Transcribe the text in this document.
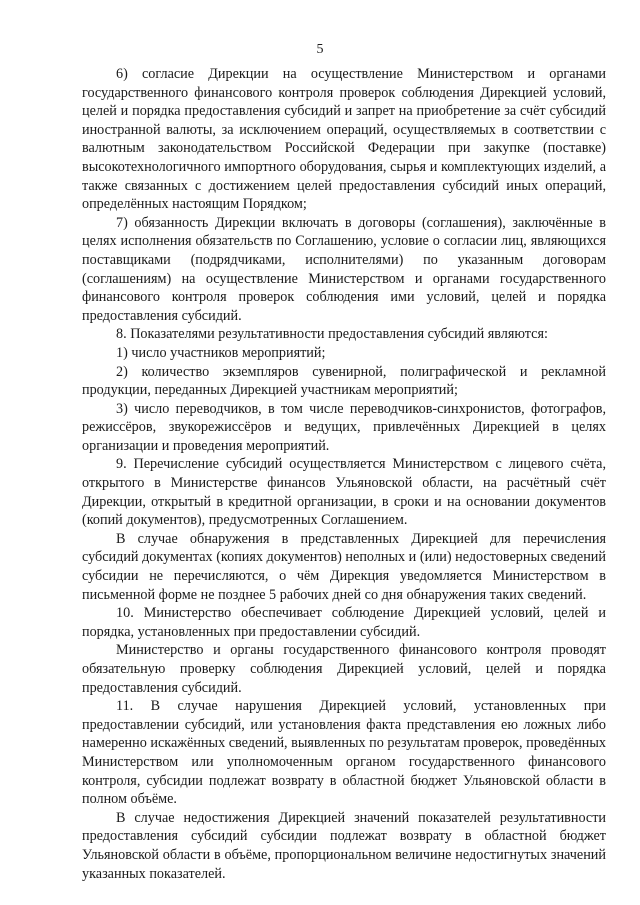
5

6) согласие Дирекции на осуществление Министерством и органами государственного финансового контроля проверок соблюдения Дирекцией условий, целей и порядка предоставления субсидий и запрет на приобретение за счёт субсидий иностранной валюты, за исключением операций, осуществляемых в соответствии с валютным законодательством Российской Федерации при закупке (поставке) высокотехнологичного импортного оборудования, сырья и комплектующих изделий, а также связанных с достижением целей предоставления субсидий иных операций, определённых настоящим Порядком;

7) обязанность Дирекции включать в договоры (соглашения), заключённые в целях исполнения обязательств по Соглашению, условие о согласии лиц, являющихся поставщиками (подрядчиками, исполнителями) по указанным договорам (соглашениям) на осуществление Министерством и органами государственного финансового контроля проверок соблюдения ими условий, целей и порядка предоставления субсидий.

8. Показателями результативности предоставления субсидий являются:

1) число участников мероприятий;

2) количество экземпляров сувенирной, полиграфической и рекламной продукции, переданных Дирекцией участникам мероприятий;

3) число переводчиков, в том числе переводчиков-синхронистов, фотографов, режиссёров, звукорежиссёров и ведущих, привлечённых Дирекцией в целях организации и проведения мероприятий.

9. Перечисление субсидий осуществляется Министерством с лицевого счёта, открытого в Министерстве финансов Ульяновской области, на расчётный счёт Дирекции, открытый в кредитной организации, в сроки и на основании документов (копий документов), предусмотренных Соглашением.

В случае обнаружения в представленных Дирекцией для перечисления субсидий документах (копиях документов) неполных и (или) недостоверных сведений субсидии не перечисляются, о чём Дирекция уведомляется Министерством в письменной форме не позднее 5 рабочих дней со дня обнаружения таких сведений.

10. Министерство обеспечивает соблюдение Дирекцией условий, целей и порядка, установленных при предоставлении субсидий.

Министерство и органы государственного финансового контроля проводят обязательную проверку соблюдения Дирекцией условий, целей и порядка предоставления субсидий.

11. В случае нарушения Дирекцией условий, установленных при предоставлении субсидий, или установления факта представления ею ложных либо намеренно искажённых сведений, выявленных по результатам проверок, проведённых Министерством или уполномоченным органом государственного финансового контроля, субсидии подлежат возврату в областной бюджет Ульяновской области в полном объёме.

В случае недостижения Дирекцией значений показателей результативности предоставления субсидий субсидии подлежат возврату в областной бюджет Ульяновской области в объёме, пропорциональном величине недостигнутых значений указанных показателей.
